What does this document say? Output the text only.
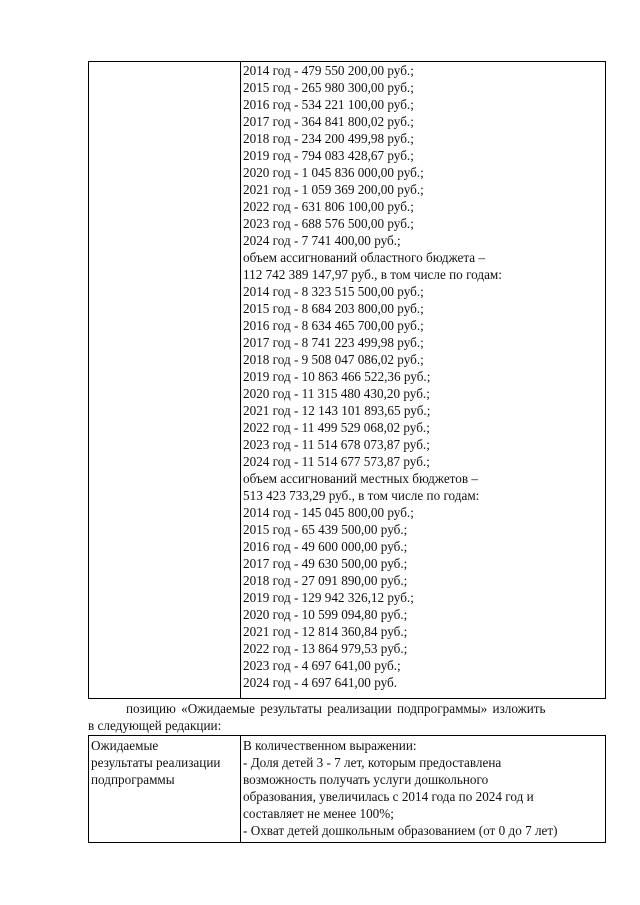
2014 год - 479 550 200,00 руб.;
2015 год - 265 980 300,00 руб.;
2016 год - 534 221 100,00 руб.;
2017 год - 364 841 800,02 руб.;
2018 год - 234 200 499,98 руб.;
2019 год - 794 083 428,67 руб.;
2020 год - 1 045 836 000,00 руб.;
2021 год - 1 059 369 200,00 руб.;
2022 год - 631 806 100,00 руб.;
2023 год - 688 576 500,00 руб.;
2024 год - 7 741 400,00 руб.;
объем ассигнований областного бюджета –
112 742 389 147,97 руб., в том числе по годам:
2014 год - 8 323 515 500,00 руб.;
2015 год - 8 684 203 800,00 руб.;
2016 год - 8 634 465 700,00 руб.;
2017 год - 8 741 223 499,98 руб.;
2018 год - 9 508 047 086,02 руб.;
2019 год - 10 863 466 522,36 руб.;
2020 год - 11 315 480 430,20 руб.;
2021 год - 12 143 101 893,65 руб.;
2022 год - 11 499 529 068,02 руб.;
2023 год - 11 514 678 073,87 руб.;
2024 год - 11 514 677 573,87 руб.;
объем ассигнований местных бюджетов –
513 423 733,29 руб., в том числе по годам:
2014 год - 145 045 800,00 руб.;
2015 год - 65 439 500,00 руб.;
2016 год - 49 600 000,00 руб.;
2017 год - 49 630 500,00 руб.;
2018 год - 27 091 890,00 руб.;
2019 год - 129 942 326,12 руб.;
2020 год - 10 599 094,80 руб.;
2021 год - 12 814 360,84 руб.;
2022 год - 13 864 979,53 руб.;
2023 год - 4 697 641,00 руб.;
2024 год - 4 697 641,00 руб.
позицию «Ожидаемые результаты реализации подпрограммы» изложить
в следующей редакции:
Ожидаемые
результаты реализации
подпрограммы
В количественном выражении:
- Доля детей 3 - 7 лет, которым предоставлена
возможность получать услуги дошкольного
образования, увеличилась с 2014 года по 2024 год и
составляет не менее 100%;
- Охват детей дошкольным образованием (от 0 до 7 лет)
